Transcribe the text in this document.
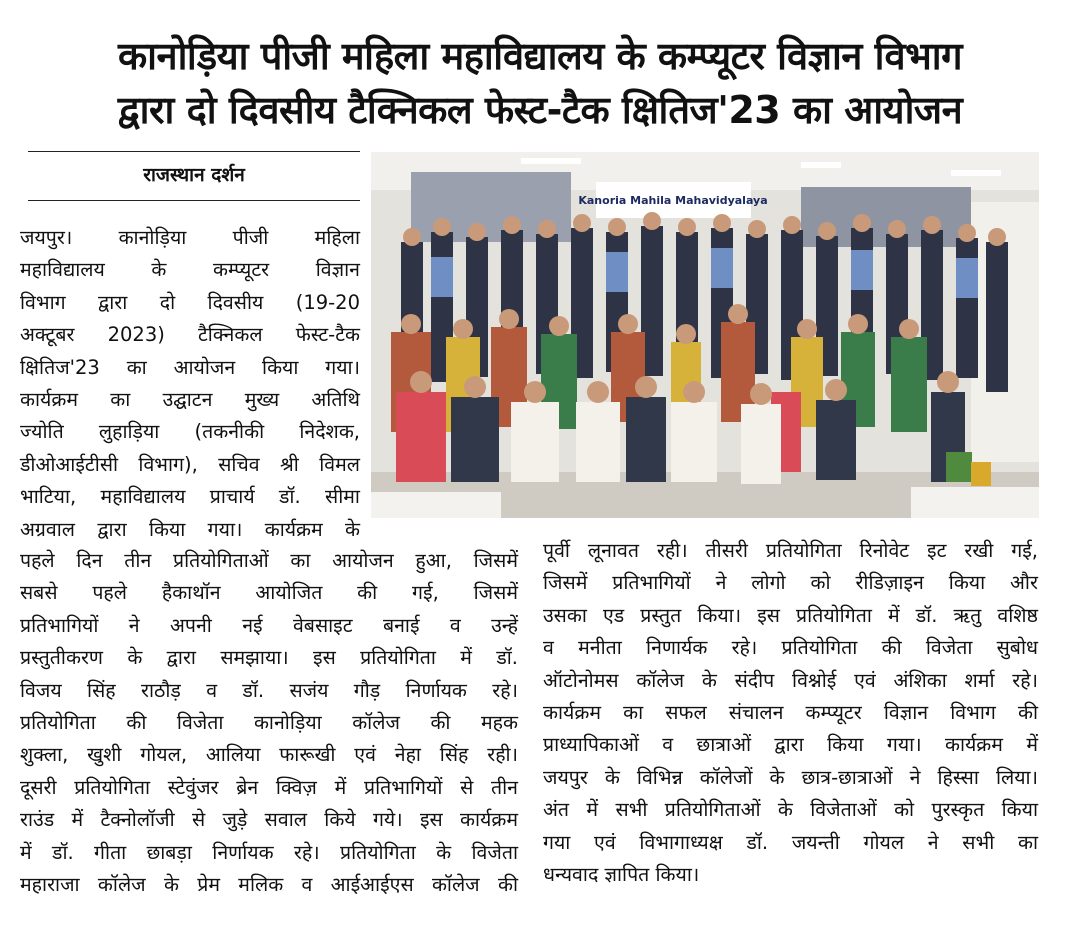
कानोड़िया पीजी महिला महाविद्यालय के कम्प्यूटर विज्ञान विभाग
द्वारा दो दिवसीय टैक्निकल फेस्ट-टैक क्षितिज'23 का आयोजन
राजस्थान दर्शन

जयपुर। कानोड़िया पीजी महिला

महाविद्यालय के कम्प्यूटर विज्ञान

विभाग द्वारा दो दिवसीय (19-20

अक्टूबर 2023) टैक्निकल फेस्ट-टैक

क्षितिज'23 का आयोजन किया गया।

कार्यक्रम का उद्घाटन मुख्य अतिथि

ज्योति लुहाड़िया (तकनीकी निदेशक,

डीओआईटीसी विभाग), सचिव श्री विमल

भाटिया, महाविद्यालय प्राचार्य डॉ. सीमा

अग्रवाल द्वारा किया गया। कार्यक्रम के

Kanoria Mahila Mahavidyalaya

पहले दिन तीन प्रतियोगिताओं का आयोजन हुआ, जिसमें

सबसे पहले हैकाथॉन आयोजित की गई, जिसमें

प्रतिभागियों ने अपनी नई वेबसाइट बनाई व उन्हें

प्रस्तुतीकरण के द्वारा समझाया। इस प्रतियोगिता में डॉ.

विजय सिंह राठौड़ व डॉ. सजंय गौड़ निर्णायक रहे।

प्रतियोगिता की विजेता कानोड़िया कॉलेज की महक

शुक्ला, खुशी गोयल, आलिया फारूखी एवं नेहा सिंह रही।

दूसरी प्रतियोगिता स्टेवुंजर ब्रेन क्विज़ में प्रतिभागियों से तीन

राउंड में टैक्नोलॉजी से जुड़े सवाल किये गये। इस कार्यक्रम

में डॉ. गीता छाबड़ा निर्णायक रहे। प्रतियोगिता के विजेता

महाराजा कॉलेज के प्रेम मलिक व आईआईएस कॉलेज की

पूर्वी लूनावत रही। तीसरी प्रतियोगिता रिनोवेट इट रखी गई,

जिसमें प्रतिभागियों ने लोगो को रीडिज़ाइन किया और

उसका एड प्रस्तुत किया। इस प्रतियोगिता में डॉ. ऋतु वशिष्ठ

व मनीता निणार्यक रहे। प्रतियोगिता की विजेता सुबोध

ऑटोनोमस कॉलेज के संदीप विश्नोई एवं अंशिका शर्मा रहे।

कार्यक्रम का सफल संचालन कम्प्यूटर विज्ञान विभाग की

प्राध्यापिकाओं व छात्राओं द्वारा किया गया। कार्यक्रम में

जयपुर के विभिन्न कॉलेजों के छात्र-छात्राओं ने हिस्सा लिया।

अंत में सभी प्रतियोगिताओं के विजेताओं को पुरस्कृत किया

गया एवं विभागाध्यक्ष डॉ. जयन्ती गोयल ने सभी का

धन्यवाद ज्ञापित किया।
